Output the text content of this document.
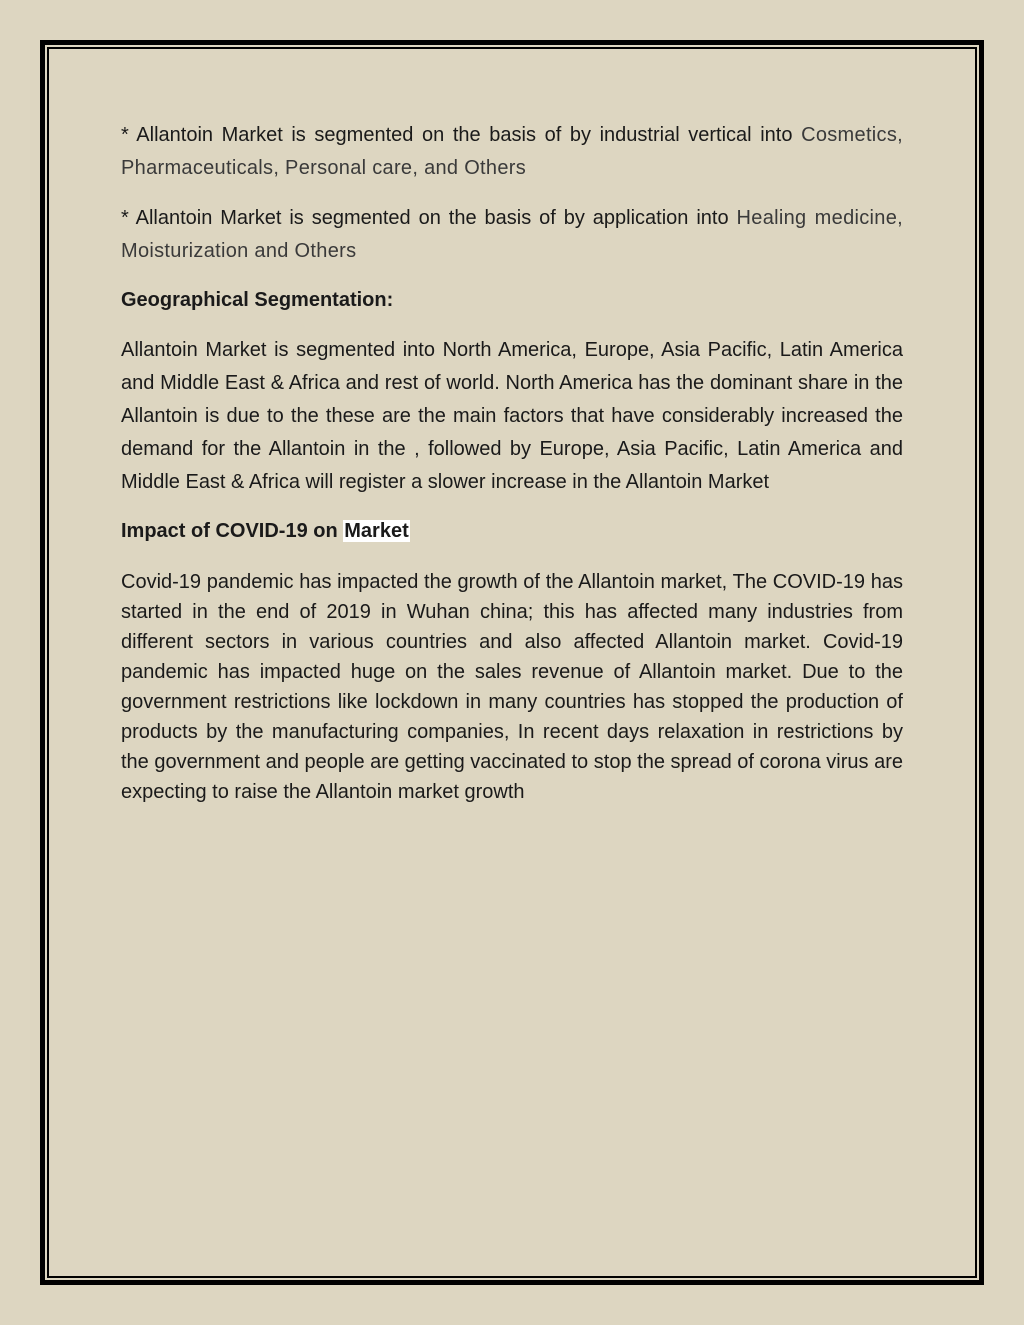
* Allantoin Market is segmented on the basis of by industrial vertical into Cosmetics, Pharmaceuticals, Personal care, and Others

* Allantoin Market is segmented on the basis of by application into Healing medicine, Moisturization and Others

Geographical Segmentation:

Allantoin Market is segmented into North America, Europe, Asia Pacific, Latin America and Middle East & Africa and rest of world. North America has the dominant share in the Allantoin is due to the these are the main factors that have considerably increased the demand for the Allantoin in the , followed by Europe, Asia Pacific, Latin America and Middle East & Africa will register a slower increase in the Allantoin Market

Impact of COVID-19 on Market

Covid-19 pandemic has impacted the growth of the Allantoin market, The COVID-19 has started in the end of 2019 in Wuhan china; this has affected many industries from different sectors in various countries and also affected Allantoin market. Covid-19 pandemic has impacted huge on the sales revenue of Allantoin market. Due to the government restrictions like lockdown in many countries has stopped the production of products by the manufacturing companies, In recent days relaxation in restrictions by the government and people are getting vaccinated to stop the spread of corona virus are expecting to raise the Allantoin market growth
